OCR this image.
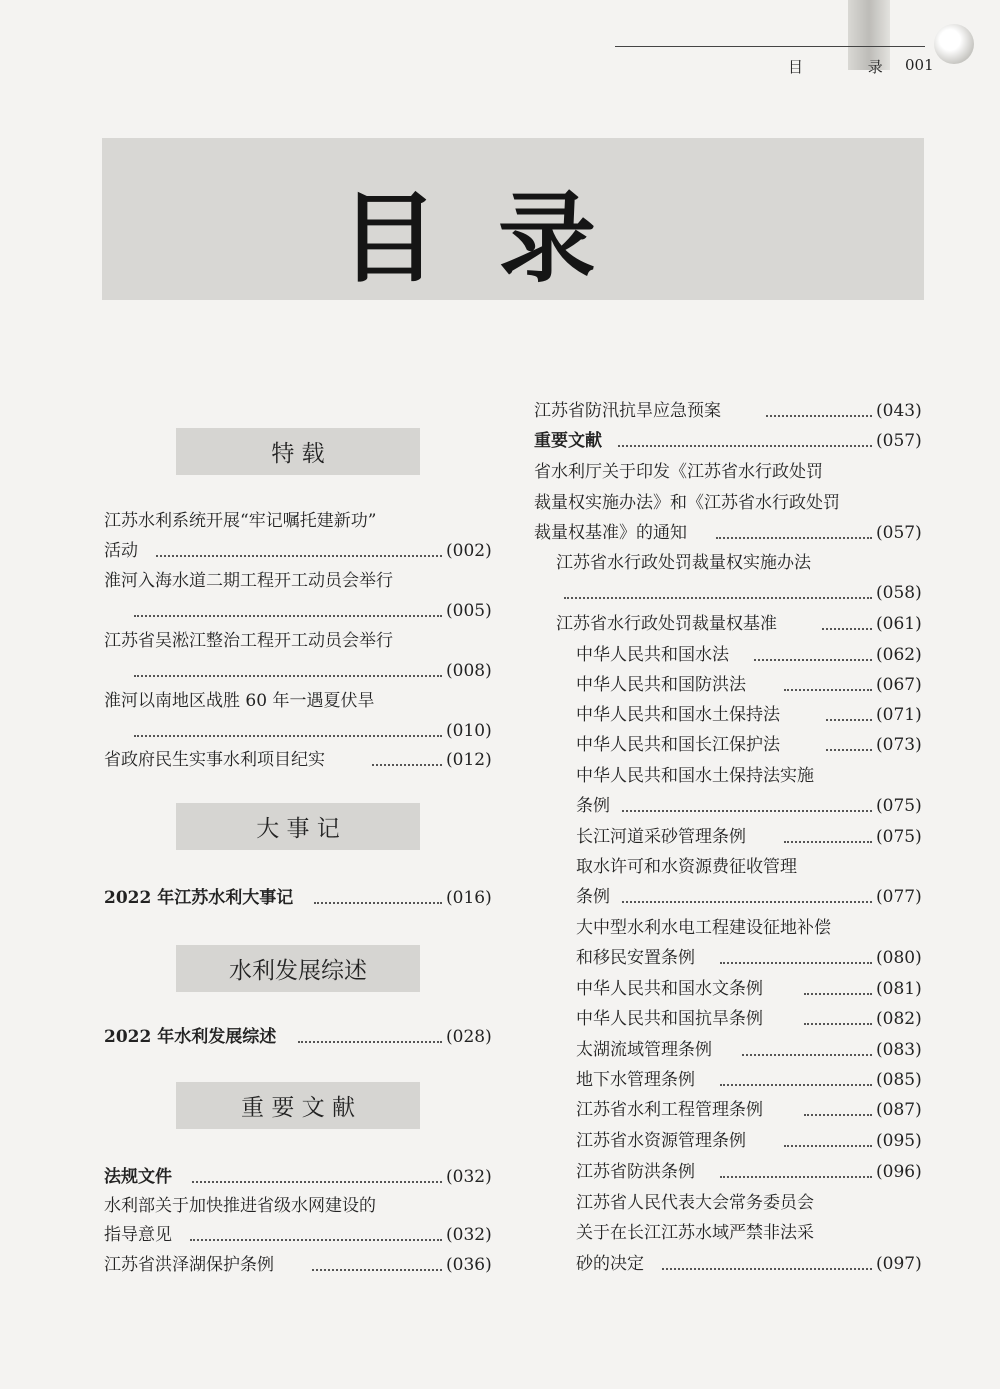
目 录
001
目录
特 载
大 事 记
水利发展综述
重 要 文 献
江苏水利系统开展“牢记嘱托建新功”
活动	(002)
淮河入海水道二期工程开工动员会举行
(005)
江苏省吴淞江整治工程开工动员会举行
(008)
淮河以南地区战胜 60 年一遇夏伏旱
(010)
省政府民生实事水利项目纪实	(012)
2022 年江苏水利大事记	(016)
2022 年水利发展综述	(028)
法规文件	(032)
水利部关于加快推进省级水网建设的
指导意见	(032)
江苏省洪泽湖保护条例	(036)
江苏省防汛抗旱应急预案	(043)
重要文献	(057)
省水利厅关于印发《江苏省水行政处罚
裁量权实施办法》和《江苏省水行政处罚
裁量权基准》的通知	(057)
江苏省水行政处罚裁量权实施办法
(058)
江苏省水行政处罚裁量权基准	(061)
中华人民共和国水法	(062)
中华人民共和国防洪法	(067)
中华人民共和国水土保持法	(071)
中华人民共和国长江保护法	(073)
中华人民共和国水土保持法实施
条例	(075)
长江河道采砂管理条例	(075)
取水许可和水资源费征收管理
条例	(077)
大中型水利水电工程建设征地补偿
和移民安置条例	(080)
中华人民共和国水文条例	(081)
中华人民共和国抗旱条例	(082)
太湖流域管理条例	(083)
地下水管理条例	(085)
江苏省水利工程管理条例	(087)
江苏省水资源管理条例	(095)
江苏省防洪条例	(096)
江苏省人民代表大会常务委员会
关于在长江江苏水域严禁非法采
砂的决定	(097)
